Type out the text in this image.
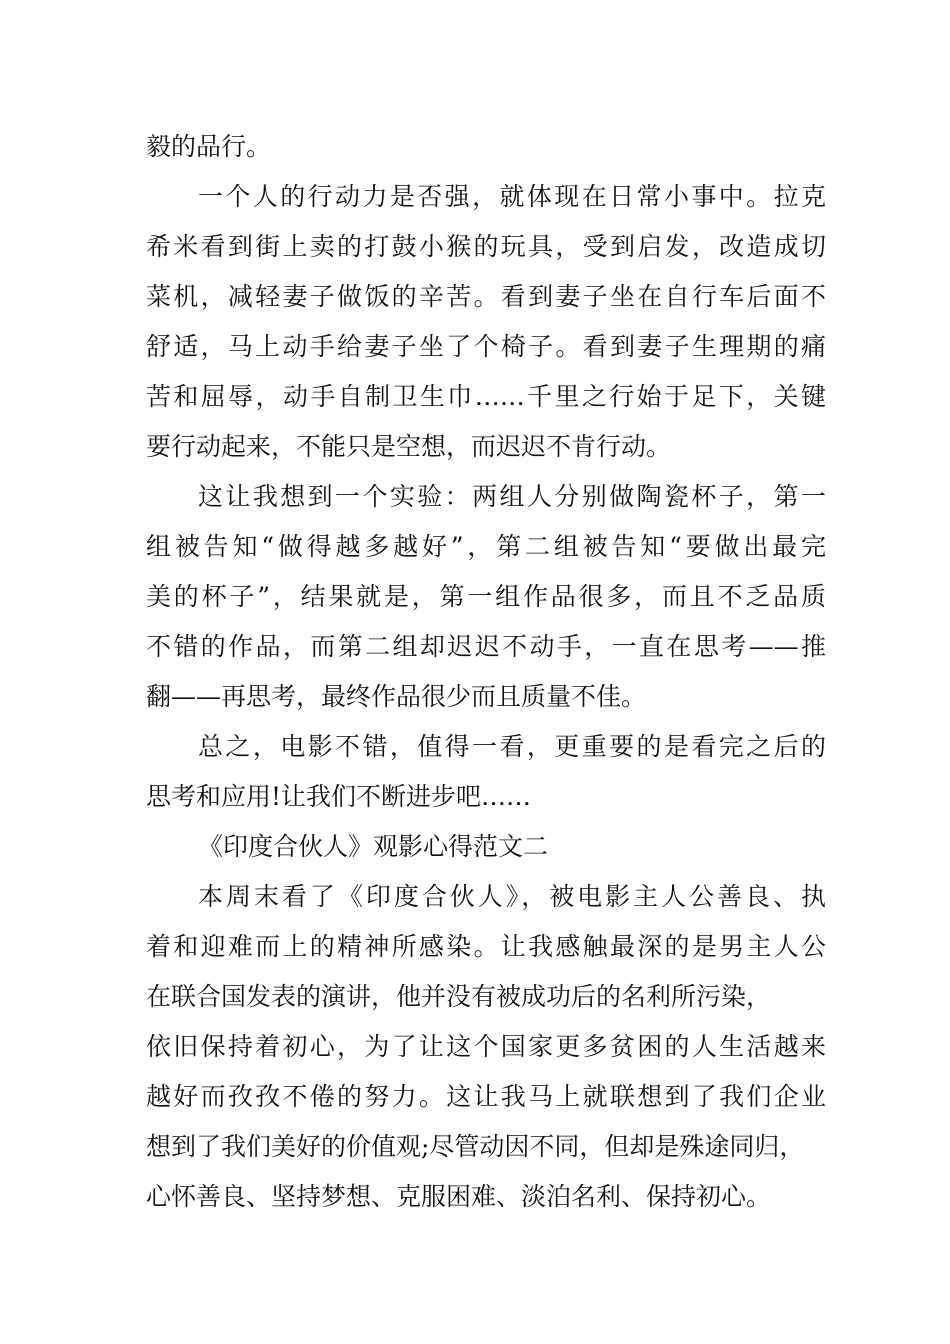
毅的品行。

一个人的行动力是否强，就体现在日常小事中。拉克

希米看到街上卖的打鼓小猴的玩具，受到启发，改造成切

菜机，减轻妻子做饭的辛苦。看到妻子坐在自行车后面不

舒适，马上动手给妻子坐了个椅子。看到妻子生理期的痛

苦和屈辱，动手自制卫生巾……千里之行始于足下，关键

要行动起来，不能只是空想，而迟迟不肯行动。

这让我想到一个实验：两组人分别做陶瓷杯子，第一

组被告知“做得越多越好”，第二组被告知“要做出最完

美的杯子”，结果就是，第一组作品很多，而且不乏品质

不错的作品，而第二组却迟迟不动手，一直在思考——推

翻——再思考，最终作品很少而且质量不佳。

总之，电影不错，值得一看，更重要的是看完之后的

思考和应用!让我们不断进步吧……

《印度合伙人》观影心得范文二

本周末看了《印度合伙人》，被电影主人公善良、执

着和迎难而上的精神所感染。让我感触最深的是男主人公

在联合国发表的演讲，他并没有被成功后的名利所污染，

依旧保持着初心，为了让这个国家更多贫困的人生活越来

越好而孜孜不倦的努力。这让我马上就联想到了我们企业

想到了我们美好的价值观;尽管动因不同，但却是殊途同归，

心怀善良、坚持梦想、克服困难、淡泊名利、保持初心。
